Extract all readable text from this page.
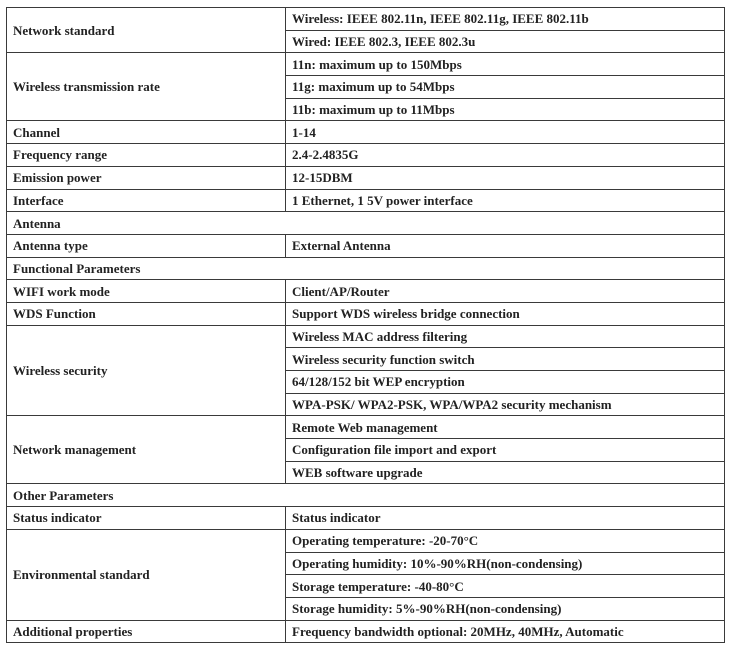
Network standard	Wireless: IEEE 802.11n, IEEE 802.11g, IEEE 802.11b
	Wired: IEEE 802.3, IEEE 802.3u
Wireless transmission rate	11n: maximum up to 150Mbps
	11g: maximum up to 54Mbps
	11b: maximum up to 11Mbps
Channel	1-14
Frequency range	2.4-2.4835G
Emission power	12-15DBM
Interface	1 Ethernet, 1 5V power interface
Antenna	
Antenna type	External Antenna
Functional Parameters	
WIFI work mode	Client/AP/Router
WDS Function	Support WDS wireless bridge connection
Wireless security	Wireless MAC address filtering
	Wireless security function switch
	64/128/152 bit WEP encryption
	WPA-PSK/ WPA2-PSK, WPA/WPA2 security mechanism
Network management	Remote Web management
	Configuration file import and export
	WEB software upgrade
Other Parameters	
Status indicator	Status indicator
Environmental standard	Operating temperature: -20-70°C
	Operating humidity: 10%-90%RH(non-condensing)
	Storage temperature: -40-80°C
	Storage humidity: 5%-90%RH(non-condensing)
Additional properties	Frequency bandwidth optional: 20MHz, 40MHz, Automatic
